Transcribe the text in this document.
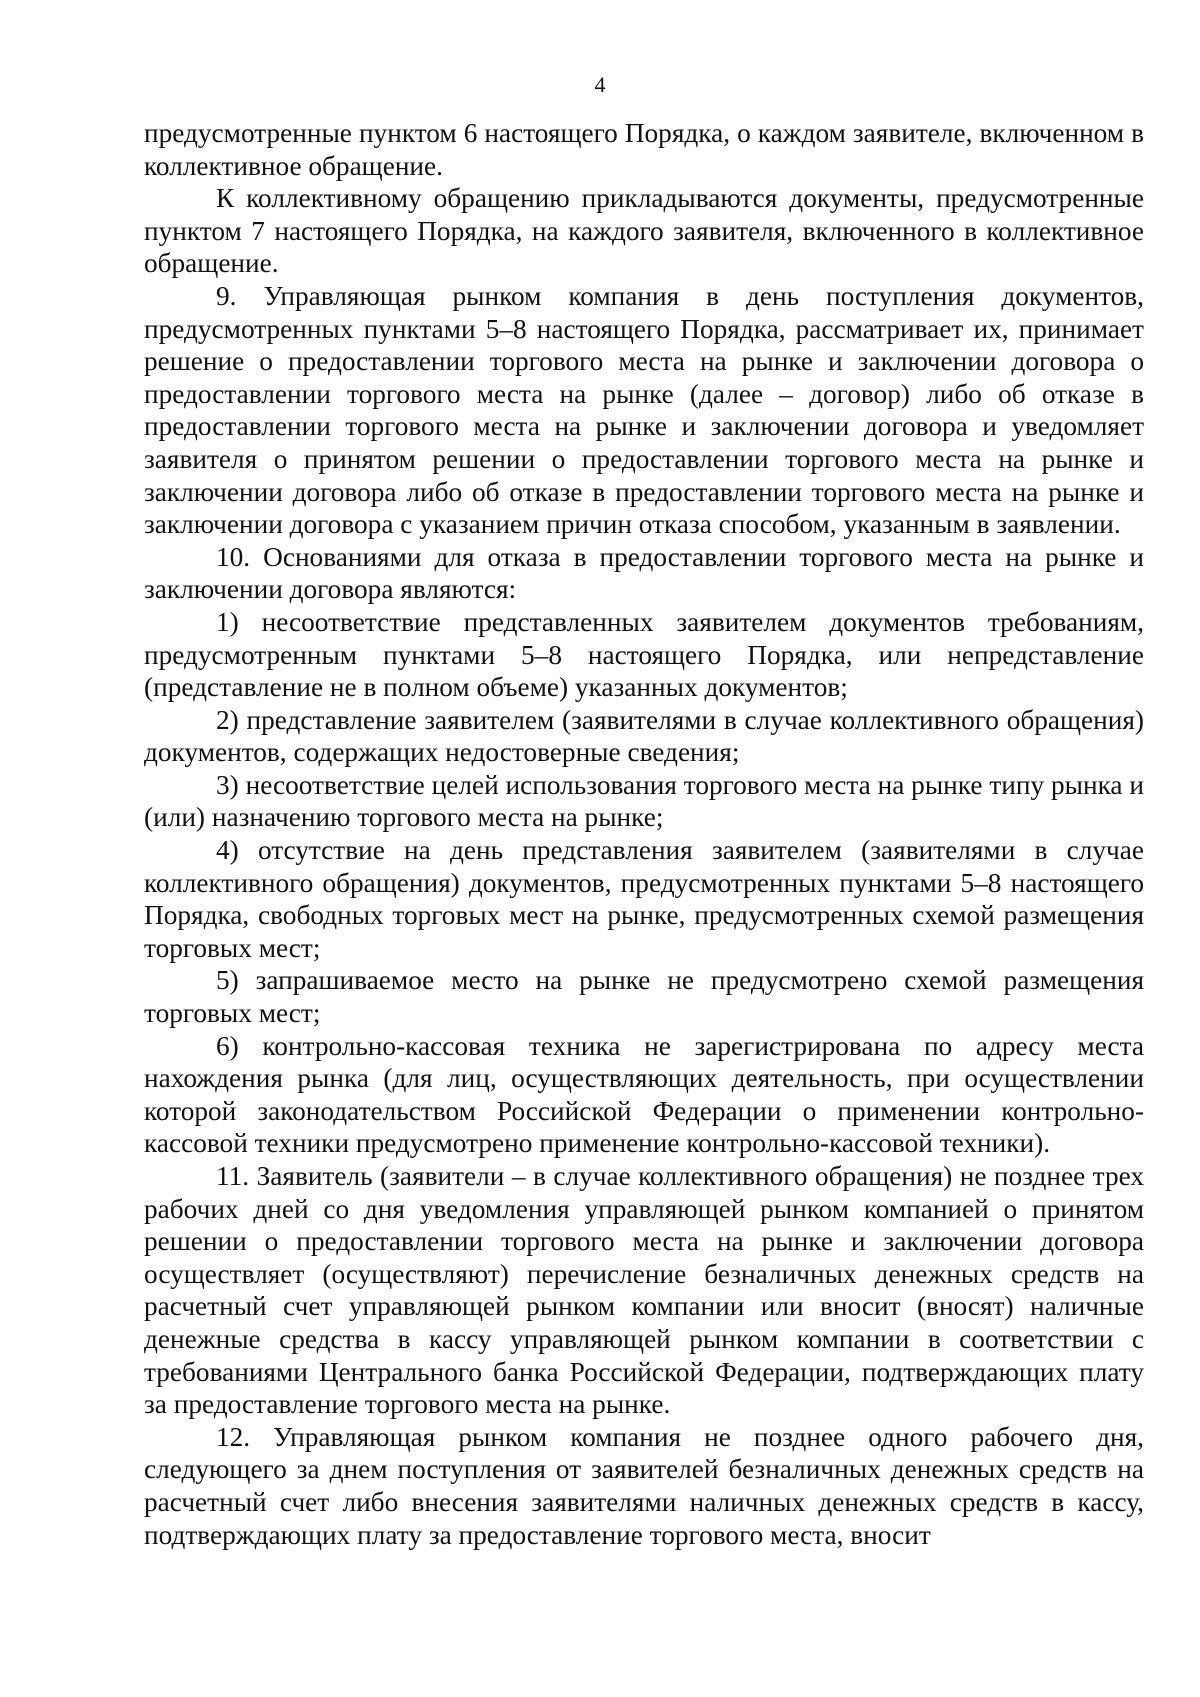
4

предусмотренные пунктом 6 настоящего Порядка, о каждом заявителе, включенном в коллективное обращение.

К коллективному обращению прикладываются документы, предусмотренные пунктом 7 настоящего Порядка, на каждого заявителя, включенного в коллективное обращение.

9. Управляющая рынком компания в день поступления документов, предусмотренных пунктами 5–8 настоящего Порядка, рассматривает их, принимает решение о предоставлении торгового места на рынке и заключении договора о предоставлении торгового места на рынке (далее – договор) либо об отказе в предоставлении торгового места на рынке и заключении договора и уведомляет заявителя о принятом решении о предоставлении торгового места на рынке и заключении договора либо об отказе в предоставлении торгового места на рынке и заключении договора с указанием причин отказа способом, указанным в заявлении.

10. Основаниями для отказа в предоставлении торгового места на рынке и заключении договора являются:

1) несоответствие представленных заявителем документов требованиям, предусмотренным пунктами 5–8 настоящего Порядка, или непредставление (представление не в полном объеме) указанных документов;

2) представление заявителем (заявителями в случае коллективного обращения) документов, содержащих недостоверные сведения;

3) несоответствие целей использования торгового места на рынке типу рынка и (или) назначению торгового места на рынке;

4) отсутствие на день представления заявителем (заявителями в случае коллективного обращения) документов, предусмотренных пунктами 5–8 настоящего Порядка, свободных торговых мест на рынке, предусмотренных схемой размещения торговых мест;

5) запрашиваемое место на рынке не предусмотрено схемой размещения торговых мест;

6) контрольно-кассовая техника не зарегистрирована по адресу места нахождения рынка (для лиц, осуществляющих деятельность, при осуществлении которой законодательством Российской Федерации о применении контрольно-кассовой техники предусмотрено применение контрольно-кассовой техники).

11. Заявитель (заявители – в случае коллективного обращения) не позднее трех рабочих дней со дня уведомления управляющей рынком компанией о принятом решении о предоставлении торгового места на рынке и заключении договора осуществляет (осуществляют) перечисление безналичных денежных средств на расчетный счет управляющей рынком компании или вносит (вносят) наличные денежные средства в кассу управляющей рынком компании в соответствии с требованиями Центрального банка Российской Федерации, подтверждающих плату за предоставление торгового места на рынке.

12. Управляющая рынком компания не позднее одного рабочего дня, следующего за днем поступления от заявителей безналичных денежных средств на расчетный счет либо внесения заявителями наличных денежных средств в кассу, подтверждающих плату за предоставление торгового места, вносит
